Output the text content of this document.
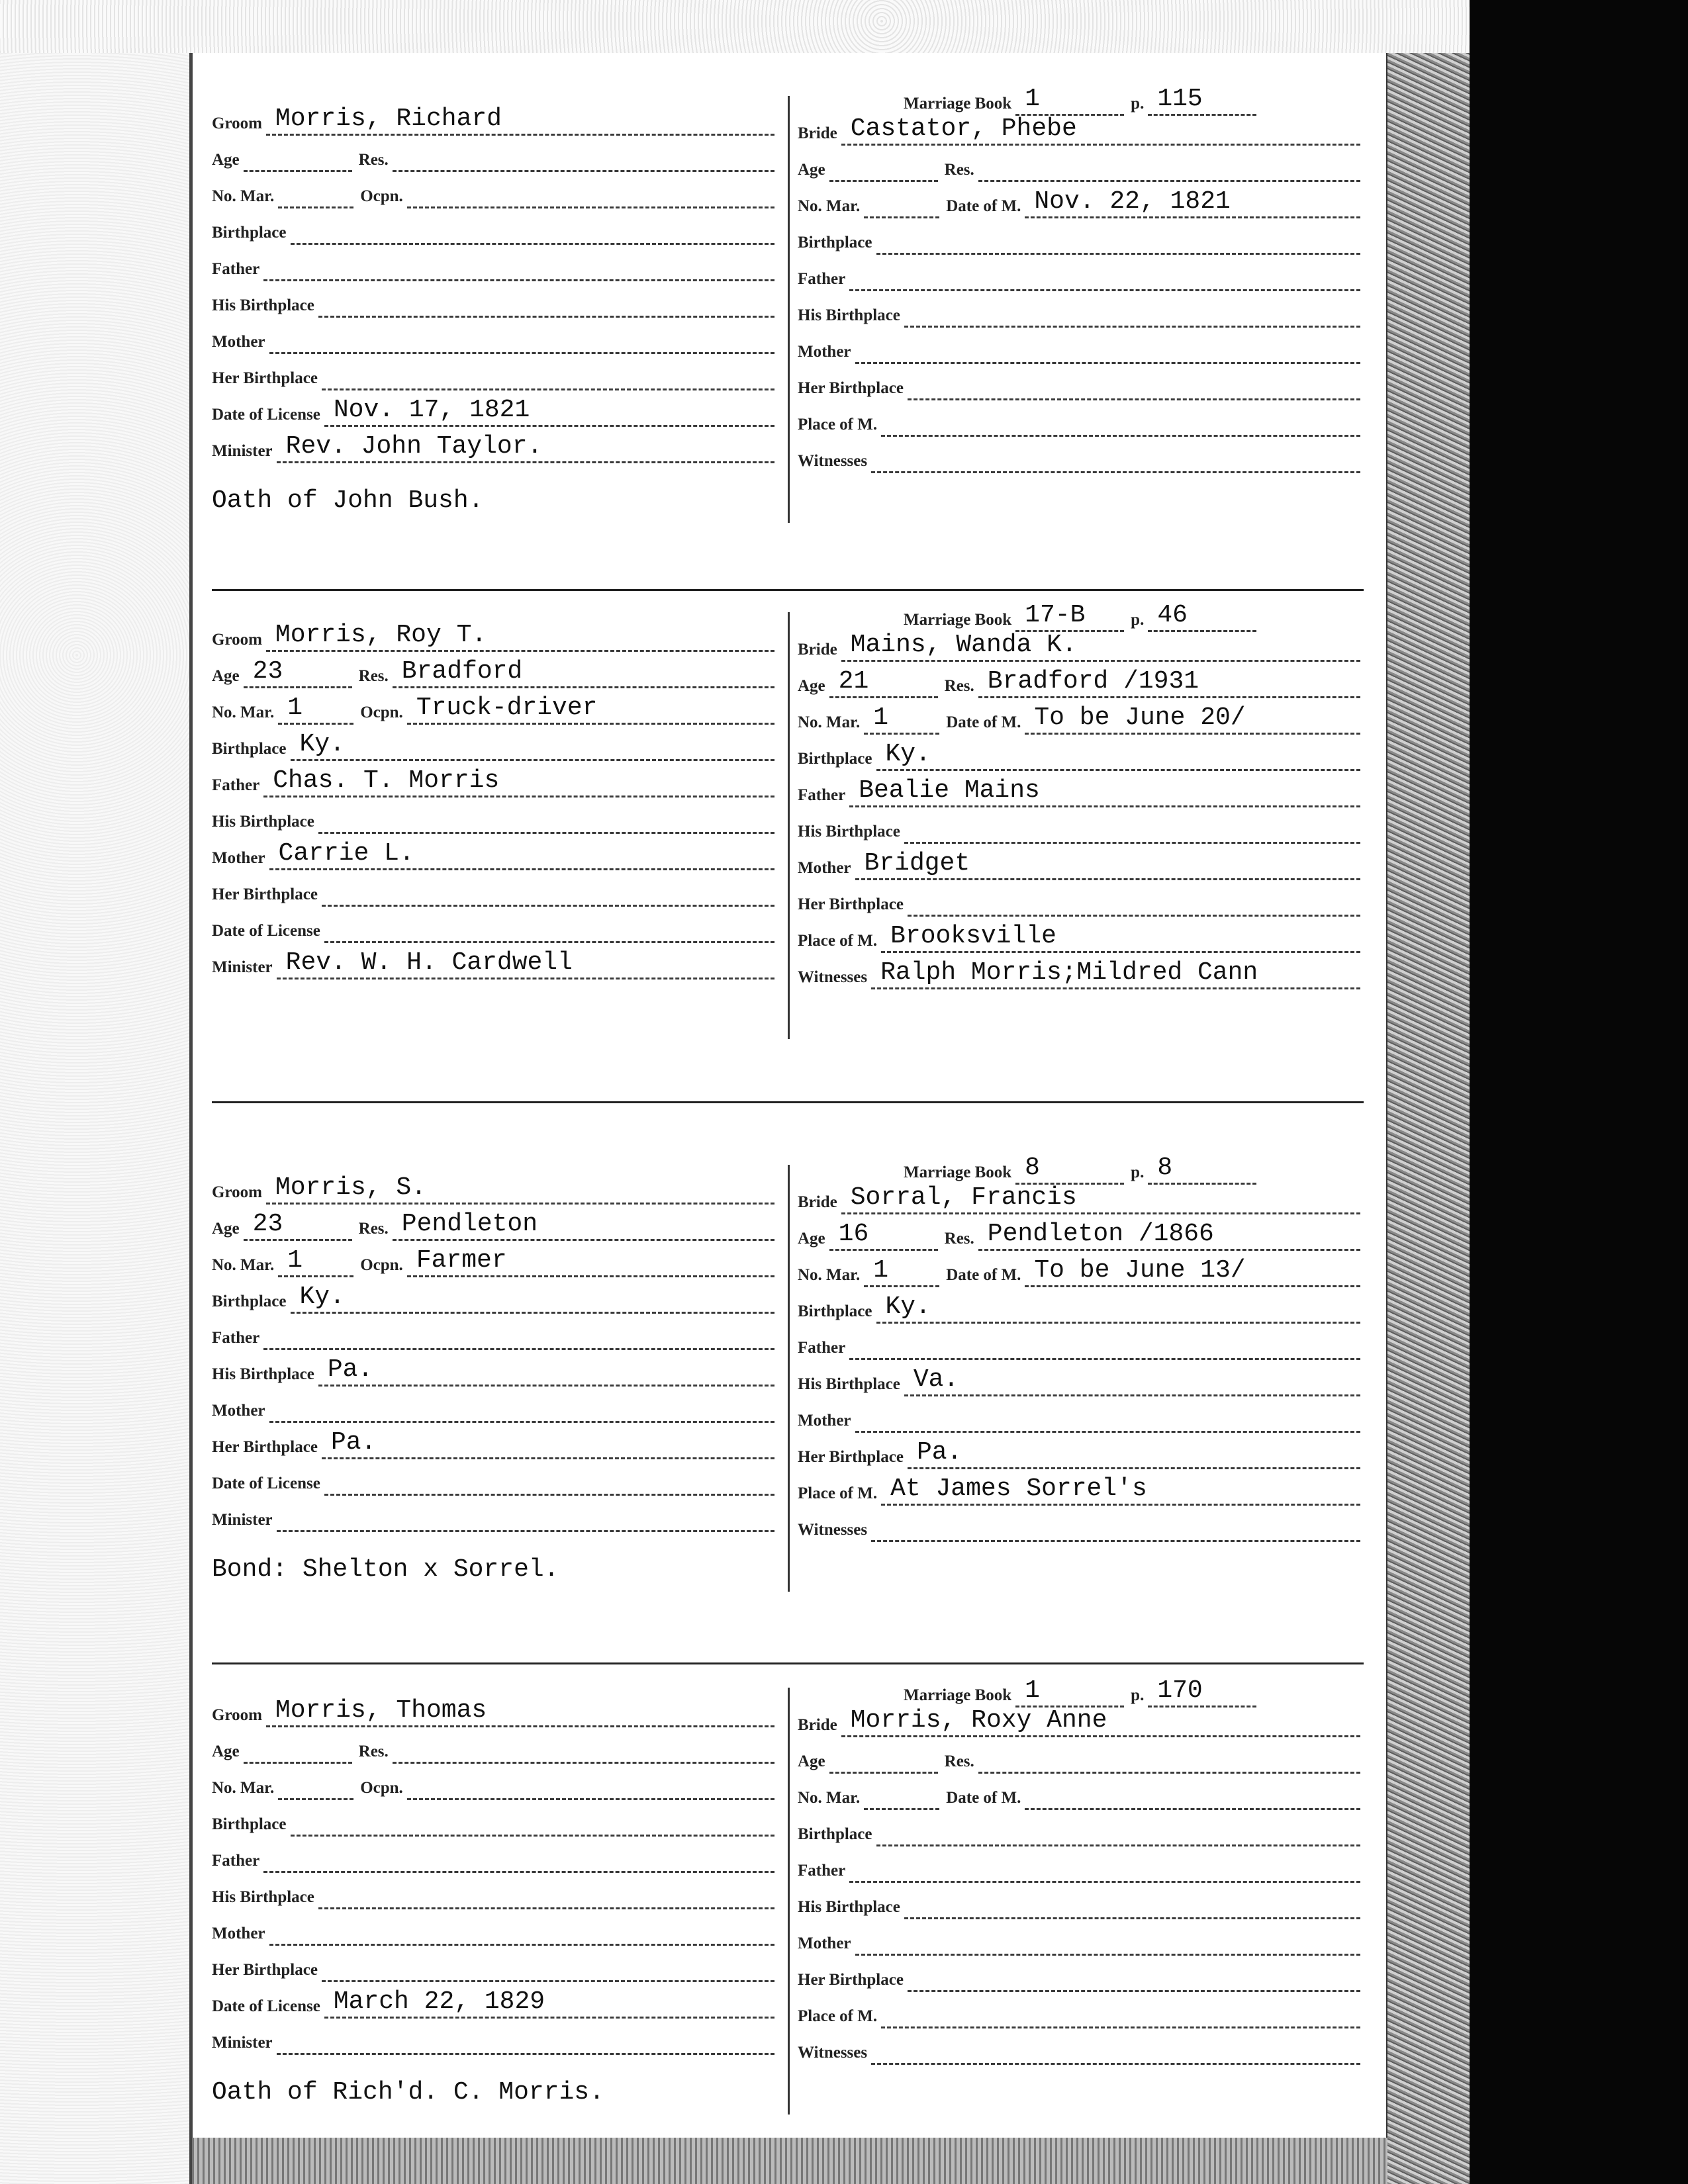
Groom Morris, Richard
Age	Res.
No. Mar.	Ocpn.
Birthplace
Father
His Birthplace
Mother
Her Birthplace
Date of License Nov. 17, 1821
Minister Rev. John Taylor.
Marriage Book 1	p. 115
Bride Castator, Phebe
Age	Res.
No. Mar.	Date of M. Nov. 22, 1821
Birthplace
Father
His Birthplace
Mother
Her Birthplace
Place of M.
Witnesses
Oath of John Bush.
Groom Morris, Roy T.
Age 23	Res. Bradford
No. Mar. 1	Ocpn. Truck-driver
Birthplace Ky.
Father Chas. T. Morris
His Birthplace
Mother Carrie L.
Her Birthplace
Date of License
Minister Rev. W. H. Cardwell
Marriage Book 17-B	p. 46
Bride Mains, Wanda K.
Age 21	Res. Bradford /1931
No. Mar. 1	Date of M. To be June 20/
Birthplace Ky.
Father Bealie Mains
His Birthplace
Mother Bridget
Her Birthplace
Place of M. Brooksville
Witnesses Ralph Morris;Mildred Cann
Groom Morris, S.
Age 23	Res. Pendleton
No. Mar. 1	Ocpn. Farmer
Birthplace Ky.
Father
His Birthplace Pa.
Mother
Her Birthplace Pa.
Date of License
Minister
Marriage Book 8	p. 8
Bride Sorral, Francis
Age 16	Res. Pendleton /1866
No. Mar. 1	Date of M. To be June 13/
Birthplace Ky.
Father
His Birthplace Va.
Mother
Her Birthplace Pa.
Place of M. At James Sorrel's
Witnesses
Bond: Shelton x Sorrel.
Groom Morris, Thomas
Age	Res.
No. Mar.	Ocpn.
Birthplace
Father
His Birthplace
Mother
Her Birthplace
Date of License March 22, 1829
Minister
Marriage Book 1	p. 170
Bride Morris, Roxy Anne
Age	Res.
No. Mar.	Date of M.
Birthplace
Father
His Birthplace
Mother
Her Birthplace
Place of M.
Witnesses
Oath of Rich'd. C. Morris.
